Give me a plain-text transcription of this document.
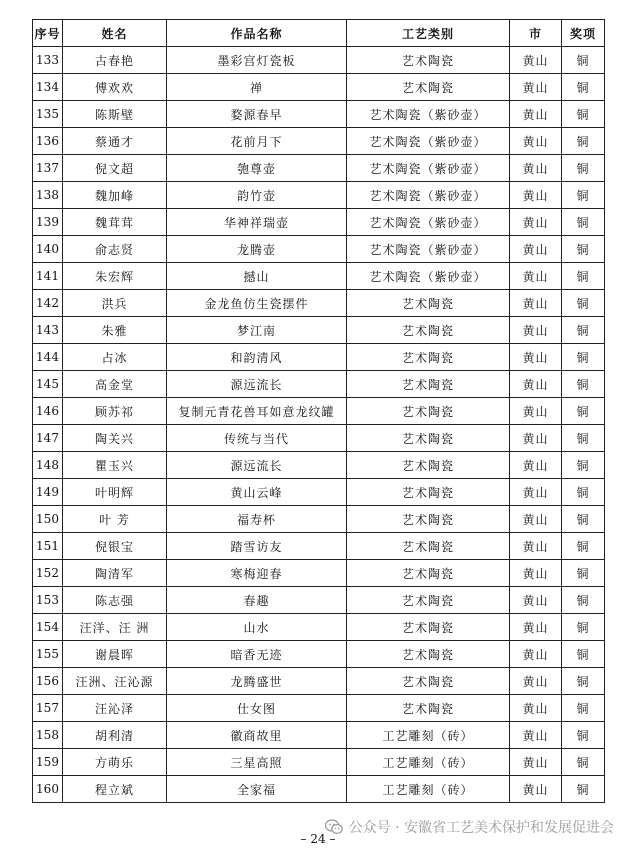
序号	姓名	作品名称	工艺类别	市	奖项
133	古春艳	墨彩宫灯瓷板	艺术陶瓷	黄山	铜
134	傅欢欢	禅	艺术陶瓷	黄山	铜
135	陈斯壁	婺源春早	艺术陶瓷（紫砂壶）	黄山	铜
136	蔡通才	花前月下	艺术陶瓷（紫砂壶）	黄山	铜
137	倪文超	匏尊壶	艺术陶瓷（紫砂壶）	黄山	铜
138	魏加峰	韵竹壶	艺术陶瓷（紫砂壶）	黄山	铜
139	魏茸茸	华神祥瑞壶	艺术陶瓷（紫砂壶）	黄山	铜
140	俞志贤	龙腾壶	艺术陶瓷（紫砂壶）	黄山	铜
141	朱宏辉	撼山	艺术陶瓷（紫砂壶）	黄山	铜
142	洪兵	金龙鱼仿生瓷摆件	艺术陶瓷	黄山	铜
143	朱雅	梦江南	艺术陶瓷	黄山	铜
144	占冰	和韵清风	艺术陶瓷	黄山	铜
145	高金堂	源远流长	艺术陶瓷	黄山	铜
146	顾苏祁	复制元青花兽耳如意龙纹罐	艺术陶瓷	黄山	铜
147	陶关兴	传统与当代	艺术陶瓷	黄山	铜
148	瞿玉兴	源远流长	艺术陶瓷	黄山	铜
149	叶明辉	黄山云峰	艺术陶瓷	黄山	铜
150	叶 芳	福寿杯	艺术陶瓷	黄山	铜
151	倪银宝	踏雪访友	艺术陶瓷	黄山	铜
152	陶清军	寒梅迎春	艺术陶瓷	黄山	铜
153	陈志强	春趣	艺术陶瓷	黄山	铜
154	汪洋、汪 洲	山水	艺术陶瓷	黄山	铜
155	谢晨晖	暗香无迹	艺术陶瓷	黄山	铜
156	汪洲、汪沁源	龙腾盛世	艺术陶瓷	黄山	铜
157	汪沁泽	仕女图	艺术陶瓷	黄山	铜
158	胡利清	徽商故里	工艺雕刻（砖）	黄山	铜
159	方萌乐	三星高照	工艺雕刻（砖）	黄山	铜
160	程立斌	全家福	工艺雕刻（砖）	黄山	铜
公众号 · 安徽省工艺美术保护和发展促进会
– 24 –
